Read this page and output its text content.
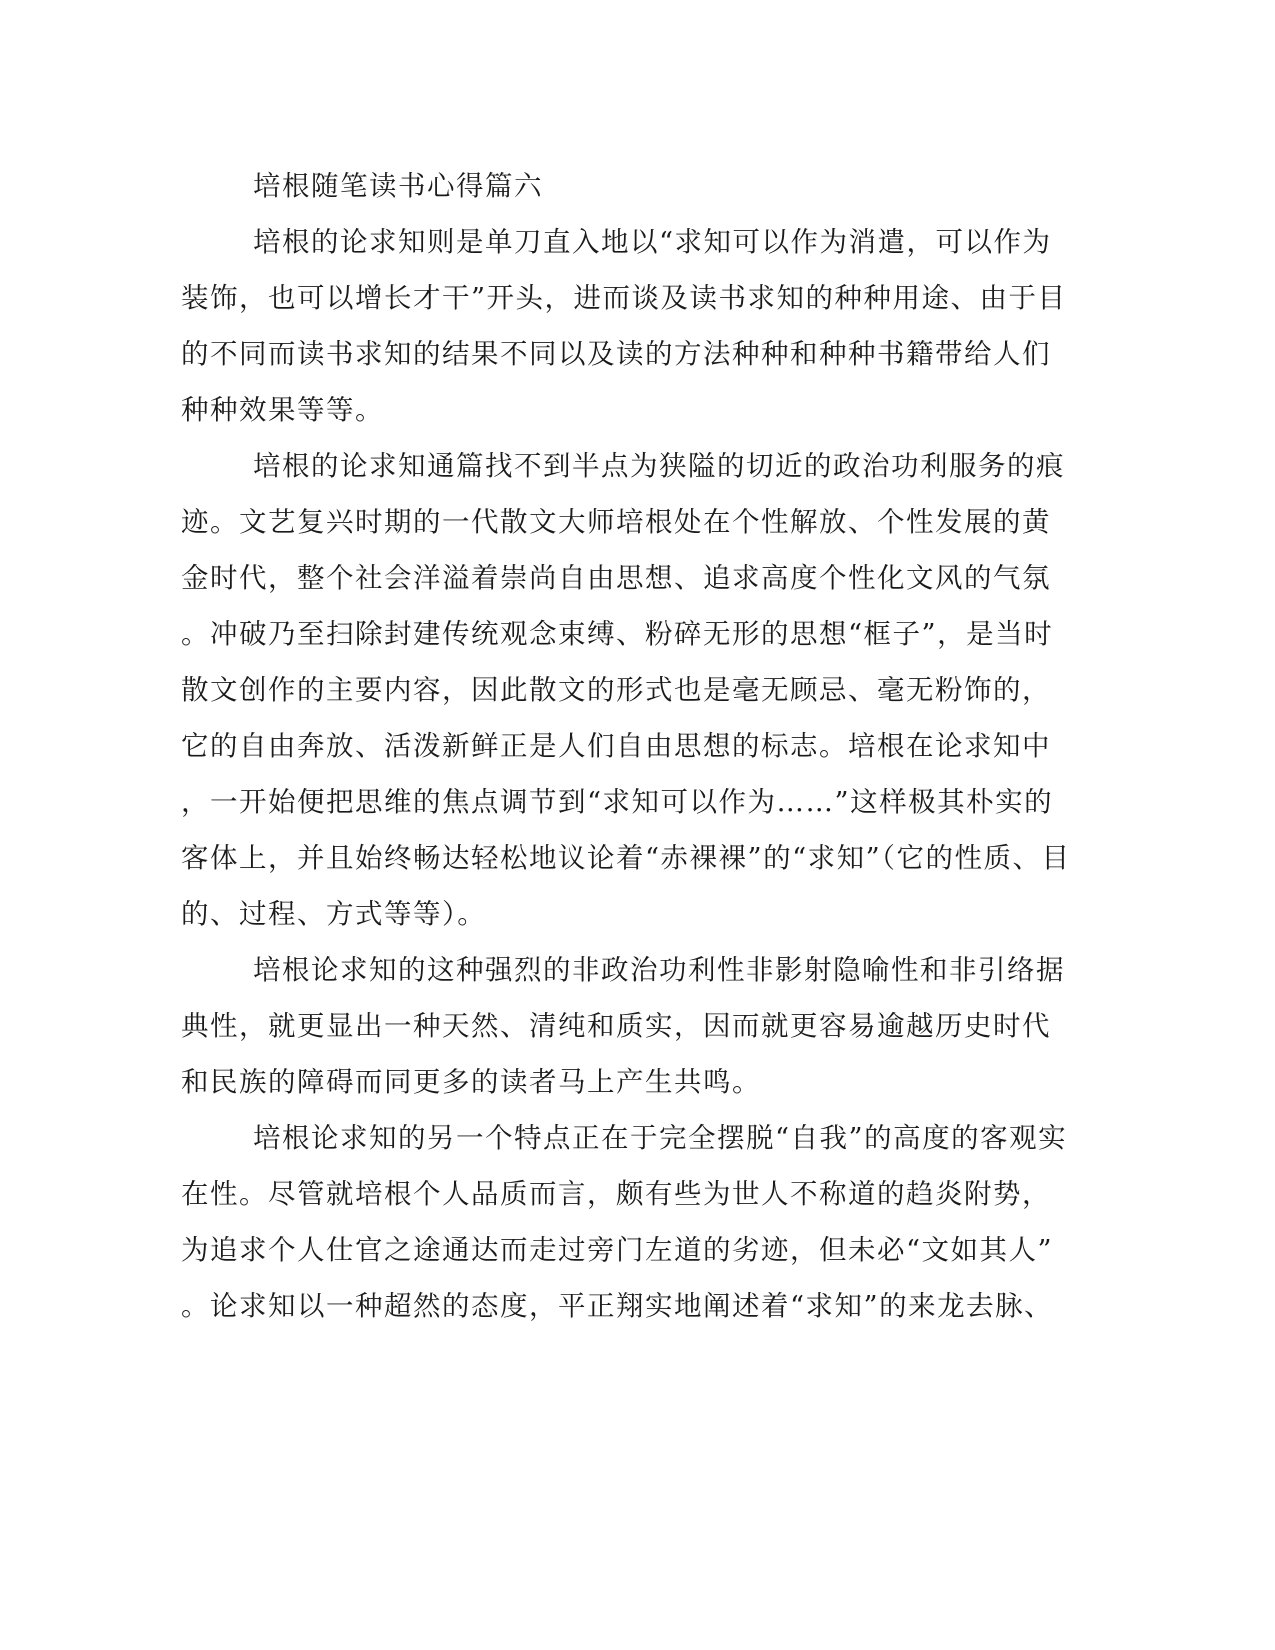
培根随笔读书心得篇六
培根的论求知则是单刀直入地以“求知可以作为消遣，可以作为
装饰，也可以增长才干”开头，进而谈及读书求知的种种用途、由于目
的不同而读书求知的结果不同以及读的方法种种和种种书籍带给人们
种种效果等等。
培根的论求知通篇找不到半点为狭隘的切近的政治功利服务的痕
迹。文艺复兴时期的一代散文大师培根处在个性解放、个性发展的黄
金时代，整个社会洋溢着崇尚自由思想、追求高度个性化文风的气氛
。冲破乃至扫除封建传统观念束缚、粉碎无形的思想“框子”，是当时
散文创作的主要内容，因此散文的形式也是毫无顾忌、毫无粉饰的，
它的自由奔放、活泼新鲜正是人们自由思想的标志。培根在论求知中
，一开始便把思维的焦点调节到“求知可以作为……”这样极其朴实的
客体上，并且始终畅达轻松地议论着“赤裸裸”的“求知”（它的性质、目
的、过程、方式等等）。
培根论求知的这种强烈的非政治功利性非影射隐喻性和非引络据
典性，就更显出一种天然、清纯和质实，因而就更容易逾越历史时代
和民族的障碍而同更多的读者马上产生共鸣。
培根论求知的另一个特点正在于完全摆脱“自我”的高度的客观实
在性。尽管就培根个人品质而言，颇有些为世人不称道的趋炎附势，
为追求个人仕官之途通达而走过旁门左道的劣迹，但未必“文如其人”
。论求知以一种超然的态度，平正翔实地阐述着“求知”的来龙去脉、
